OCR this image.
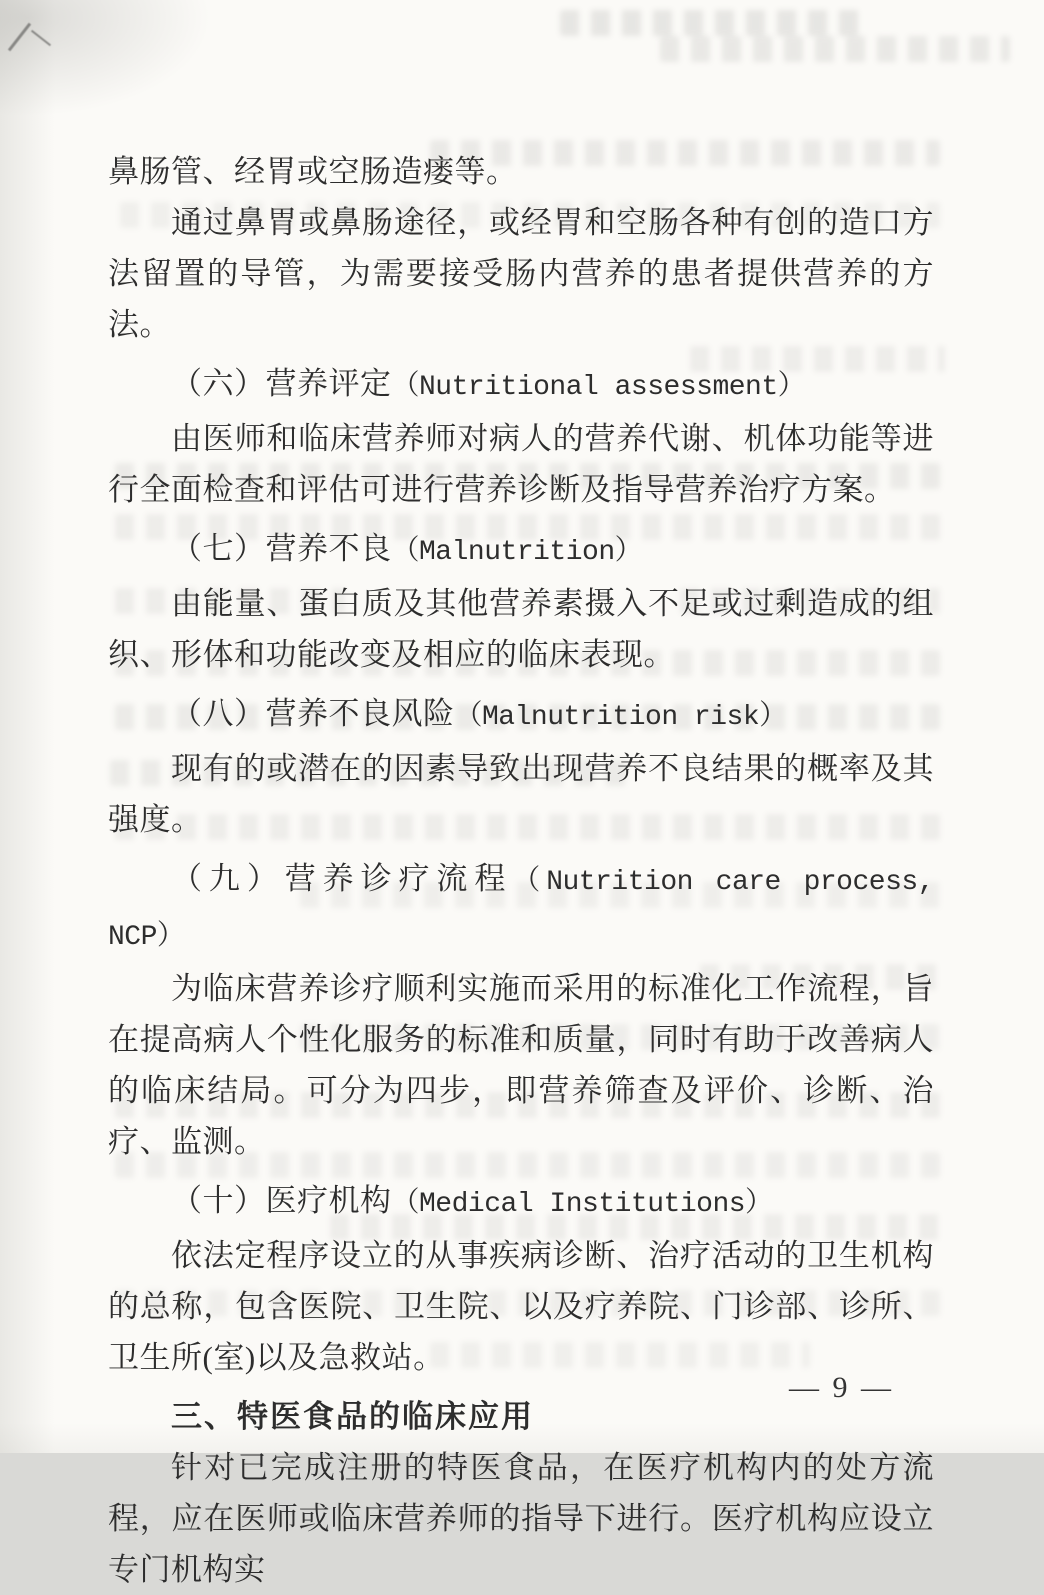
鼻肠管、经胃或空肠造瘘等。

通过鼻胃或鼻肠途径，或经胃和空肠各种有创的造口方法留置的导管，为需要接受肠内营养的患者提供营养的方法。

（六）营养评定（Nutritional assessment）

由医师和临床营养师对病人的营养代谢、机体功能等进行全面检查和评估可进行营养诊断及指导营养治疗方案。

（七）营养不良（Malnutrition）

由能量、蛋白质及其他营养素摄入不足或过剩造成的组织、形体和功能改变及相应的临床表现。

（八）营养不良风险（Malnutrition risk）

现有的或潜在的因素导致出现营养不良结果的概率及其强度。

（九）营养诊疗流程（Nutrition care process, NCP）

为临床营养诊疗顺利实施而采用的标准化工作流程，旨在提高病人个性化服务的标准和质量，同时有助于改善病人的临床结局。可分为四步，即营养筛查及评价、诊断、治疗、监测。

（十）医疗机构（Medical Institutions）

依法定程序设立的从事疾病诊断、治疗活动的卫生机构的总称，包含医院、卫生院、以及疗养院、门诊部、诊所、卫生所(室)以及急救站。

三、特医食品的临床应用

针对已完成注册的特医食品，在医疗机构内的处方流程，应在医师或临床营养师的指导下进行。医疗机构应设立专门机构实

— 9 —
